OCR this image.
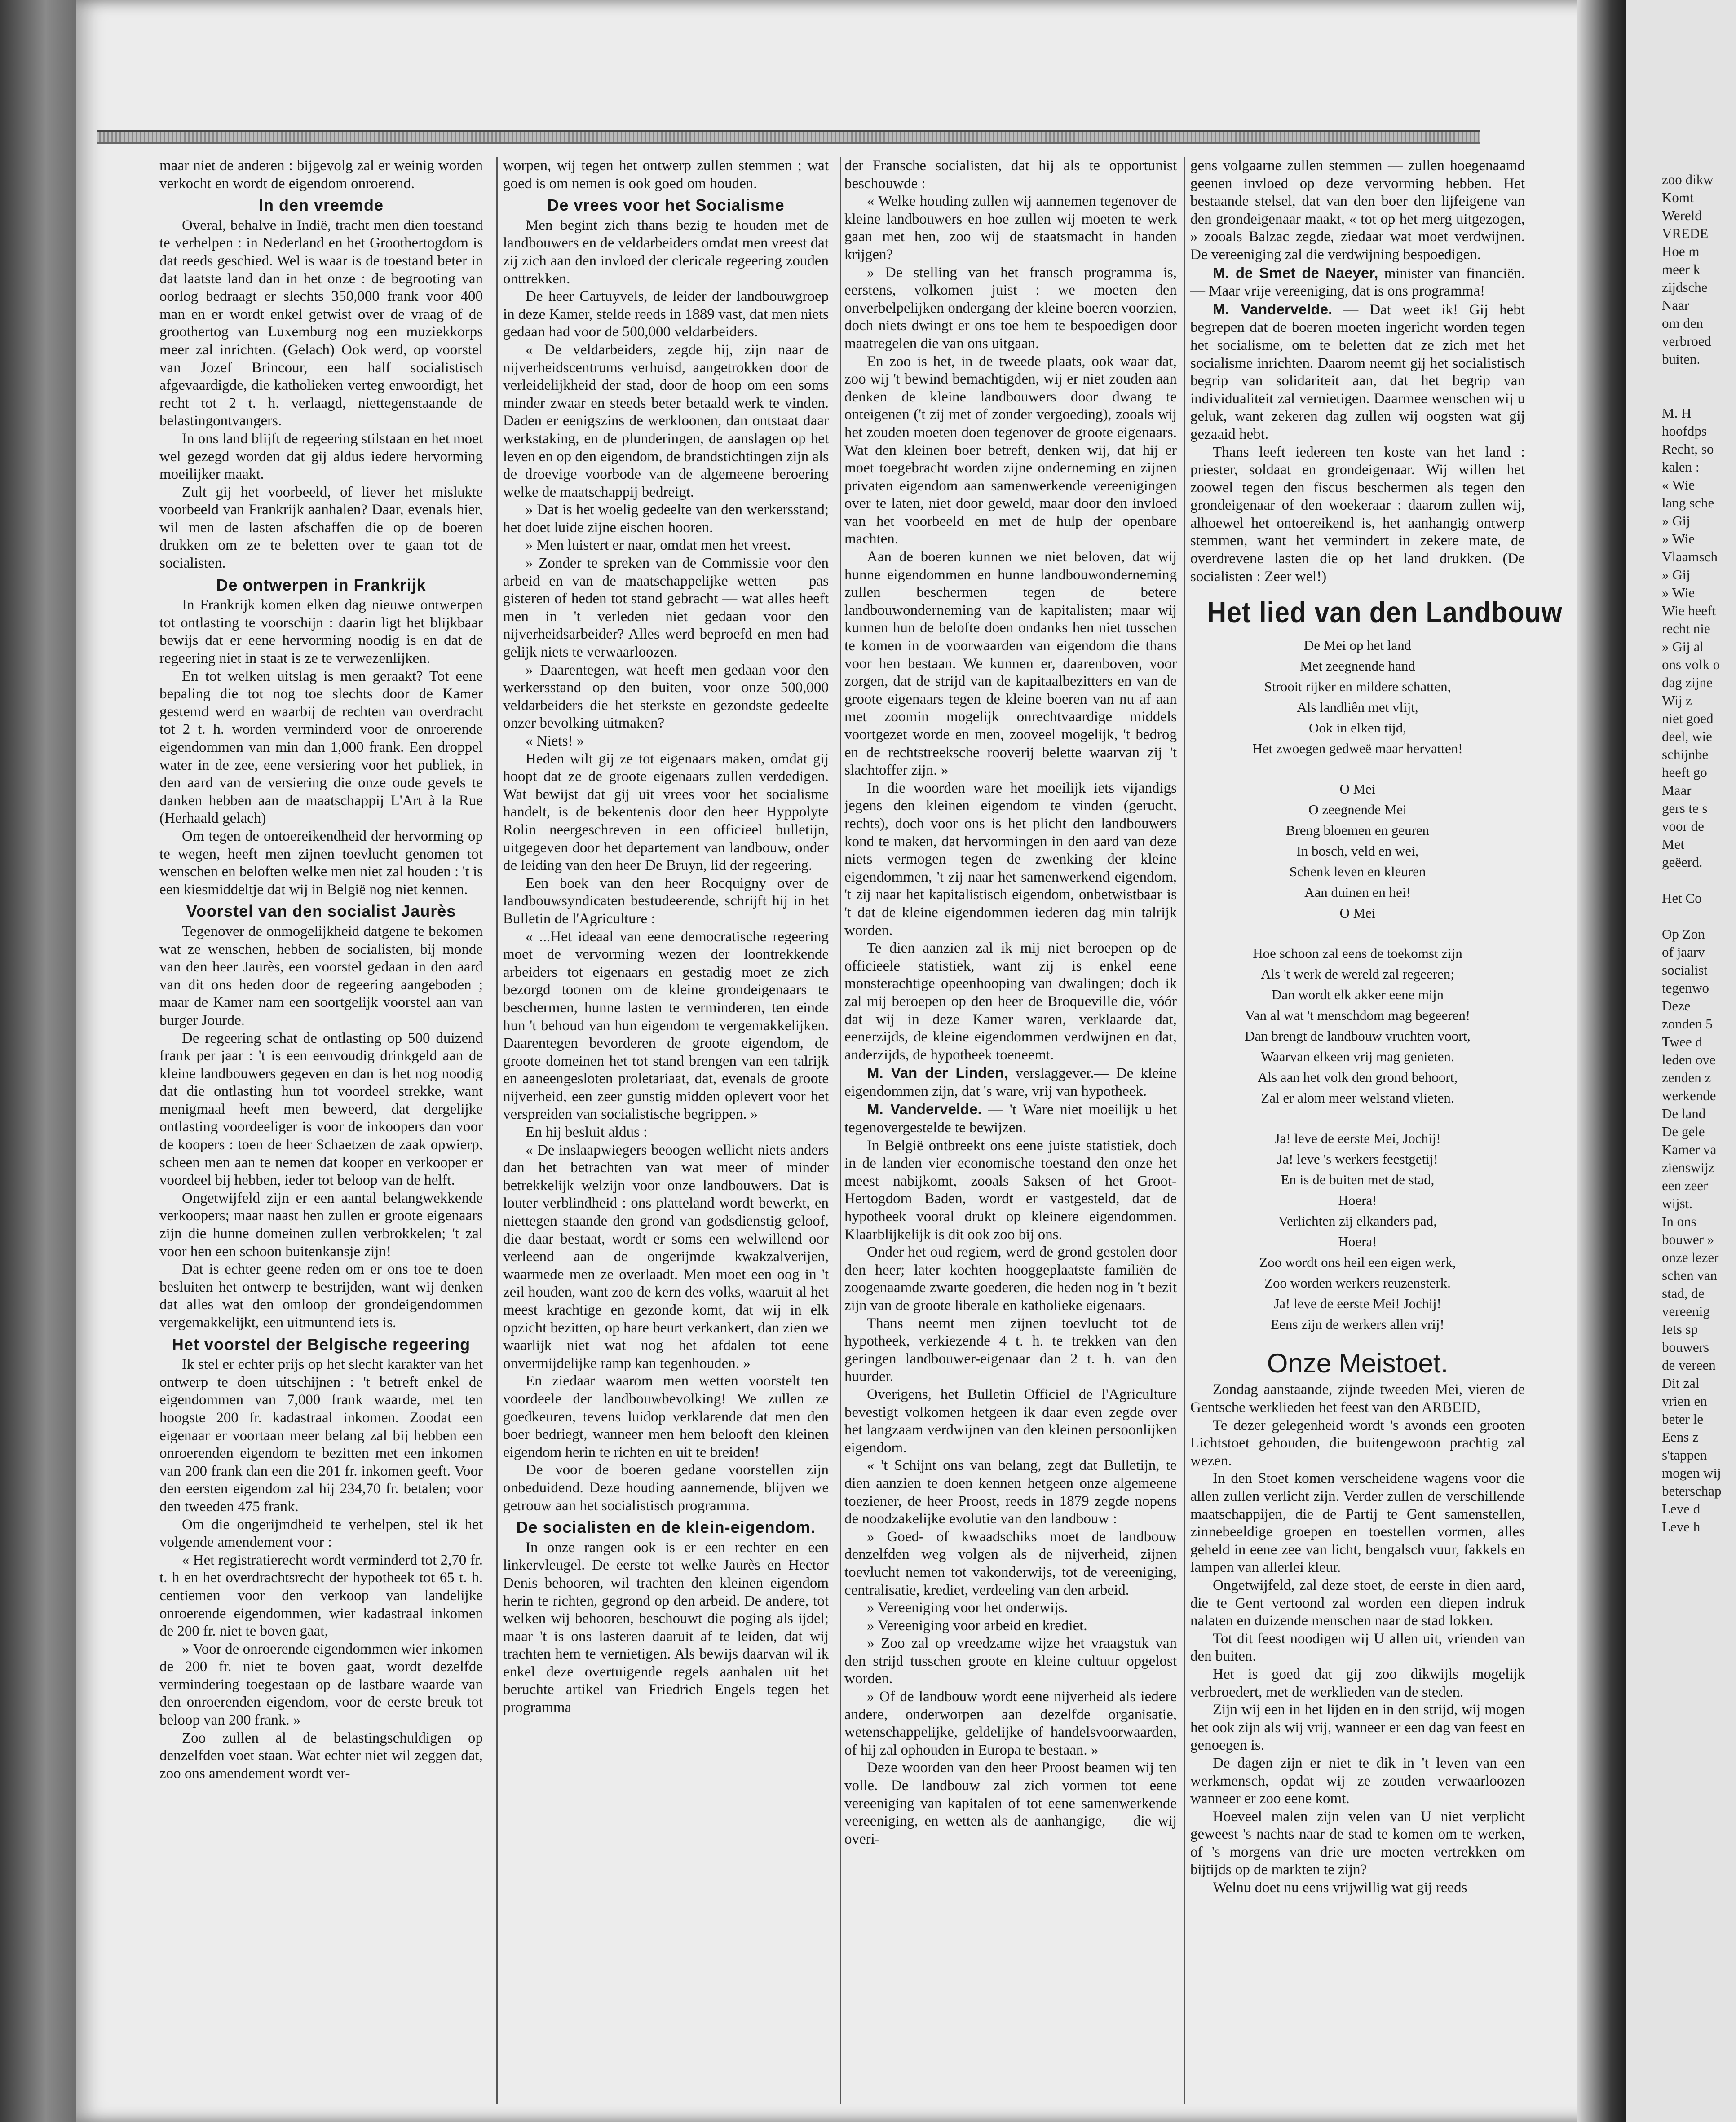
maar niet de anderen : bijgevolg zal er weinig worden verkocht en wordt de eigendom onroerend.

In den vreemde

Overal, behalve in Indië, tracht men dien toestand te verhelpen : in Nederland en het Groothertogdom is dat reeds geschied. Wel is waar is de toestand beter in dat laatste land dan in het onze : de begrooting van oorlog bedraagt er slechts 350,000 frank voor 400 man en er wordt enkel getwist over de vraag of de groothertog van Luxemburg nog een muziekkorps meer zal inrichten. (Gelach) Ook werd, op voorstel van Jozef Brincour, een half socialistisch afgevaardigde, die katholieken verteg enwoordigt, het recht tot 2 t. h. verlaagd, niettegenstaande de belastingontvangers.

In ons land blijft de regeering stilstaan en het moet wel gezegd worden dat gij aldus iedere hervorming moeilijker maakt.

Zult gij het voorbeeld, of liever het mislukte voorbeeld van Frankrijk aanhalen? Daar, evenals hier, wil men de lasten afschaffen die op de boeren drukken om ze te beletten over te gaan tot de socialisten.

De ontwerpen in Frankrijk

In Frankrijk komen elken dag nieuwe ontwerpen tot ontlasting te voorschijn : daarin ligt het blijkbaar bewijs dat er eene hervorming noodig is en dat de regeering niet in staat is ze te verwezenlijken.

En tot welken uitslag is men geraakt? Tot eene bepaling die tot nog toe slechts door de Kamer gestemd werd en waarbij de rechten van overdracht tot 2 t. h. worden verminderd voor de onroerende eigendommen van min dan 1,000 frank. Een droppel water in de zee, eene versiering voor het publiek, in den aard van de versiering die onze oude gevels te danken hebben aan de maatschappij L'Art à la Rue (Herhaald gelach)

Om tegen de ontoereikendheid der hervorming op te wegen, heeft men zijnen toevlucht genomen tot wenschen en beloften welke men niet zal houden : 't is een kiesmiddeltje dat wij in België nog niet kennen.

Voorstel van den socialist Jaurès

Tegenover de onmogelijkheid datgene te bekomen wat ze wenschen, hebben de socialisten, bij monde van den heer Jaurès, een voorstel gedaan in den aard van dit ons heden door de regeering aangeboden ; maar de Kamer nam een soortgelijk voorstel aan van burger Jourde.

De regeering schat de ontlasting op 500 duizend frank per jaar : 't is een eenvoudig drinkgeld aan de kleine landbouwers gegeven en dan is het nog noodig dat die ontlasting hun tot voordeel strekke, want menigmaal heeft men beweerd, dat dergelijke ontlasting voordeeliger is voor de inkoopers dan voor de koopers : toen de heer Schaetzen de zaak opwierp, scheen men aan te nemen dat kooper en verkooper er voordeel bij hebben, ieder tot beloop van de helft.

Ongetwijfeld zijn er een aantal belangwekkende verkoopers; maar naast hen zullen er groote eigenaars zijn die hunne domeinen zullen verbrokkelen; 't zal voor hen een schoon buitenkansje zijn!

Dat is echter geene reden om er ons toe te doen besluiten het ontwerp te bestrijden, want wij denken dat alles wat den omloop der grondeigendommen vergemakkelijkt, een uitmuntend iets is.

Het voorstel der Belgische regeering

Ik stel er echter prijs op het slecht karakter van het ontwerp te doen uitschijnen : 't betreft enkel de eigendommen van 7,000 frank waarde, met ten hoogste 200 fr. kadastraal inkomen. Zoodat een eigenaar er voortaan meer belang zal bij hebben een onroerenden eigendom te bezitten met een inkomen van 200 frank dan een die 201 fr. inkomen geeft. Voor den eersten eigendom zal hij 234,70 fr. betalen; voor den tweeden 475 frank.

Om die ongerijmdheid te verhelpen, stel ik het volgende amendement voor :

« Het registratierecht wordt verminderd tot 2,70 fr. t. h en het overdrachtsrecht der hypotheek tot 65 t. h. centiemen voor den verkoop van landelijke onroerende eigendommen, wier kadastraal inkomen de 200 fr. niet te boven gaat,

» Voor de onroerende eigendommen wier inkomen de 200 fr. niet te boven gaat, wordt dezelfde vermindering toegestaan op de lastbare waarde van den onroerenden eigendom, voor de eerste breuk tot beloop van 200 frank. »

Zoo zullen al de belastingschuldigen op denzelfden voet staan. Wat echter niet wil zeggen dat, zoo ons amendement wordt ver-

worpen, wij tegen het ontwerp zullen stemmen ; wat goed is om nemen is ook goed om houden.

De vrees voor het Socialisme

Men begint zich thans bezig te houden met de landbouwers en de veldarbeiders omdat men vreest dat zij zich aan den invloed der clericale regeering zouden onttrekken.

De heer Cartuyvels, de leider der landbouwgroep in deze Kamer, stelde reeds in 1889 vast, dat men niets gedaan had voor de 500,000 veldarbeiders.

« De veldarbeiders, zegde hij, zijn naar de nijverheidscentrums verhuisd, aangetrokken door de verleidelijkheid der stad, door de hoop om een soms minder zwaar en steeds beter betaald werk te vinden. Daden er eenigszins de werkloonen, dan ontstaat daar werkstaking, en de plunderingen, de aanslagen op het leven en op den eigendom, de brandstichtingen zijn als de droevige voorbode van de algemeene beroering welke de maatschappij bedreigt.

» Dat is het woelig gedeelte van den werkersstand; het doet luide zijne eischen hooren.

» Men luistert er naar, omdat men het vreest.

» Zonder te spreken van de Commissie voor den arbeid en van de maatschappelijke wetten — pas gisteren of heden tot stand gebracht — wat alles heeft men in 't verleden niet gedaan voor den nijverheidsarbeider? Alles werd beproefd en men had gelijk niets te verwaarloozen.

» Daarentegen, wat heeft men gedaan voor den werkersstand op den buiten, voor onze 500,000 veldarbeiders die het sterkste en gezondste gedeelte onzer bevolking uitmaken?

« Niets! »

Heden wilt gij ze tot eigenaars maken, omdat gij hoopt dat ze de groote eigenaars zullen verdedigen. Wat bewijst dat gij uit vrees voor het socialisme handelt, is de bekentenis door den heer Hyppolyte Rolin neergeschreven in een officieel bulletijn, uitgegeven door het departement van landbouw, onder de leiding van den heer De Bruyn, lid der regeering.

Een boek van den heer Rocquigny over de landbouwsyndicaten bestudeerende, schrijft hij in het Bulletin de l'Agriculture :

« ...Het ideaal van eene democratische regeering moet de vervorming wezen der loontrekkende arbeiders tot eigenaars en gestadig moet ze zich bezorgd toonen om de kleine grondeigenaars te beschermen, hunne lasten te verminderen, ten einde hun 't behoud van hun eigendom te vergemakkelijken. Daarentegen bevorderen de groote eigendom, de groote domeinen het tot stand brengen van een talrijk en aaneengesloten proletariaat, dat, evenals de groote nijverheid, een zeer gunstig midden oplevert voor het verspreiden van socialistische begrippen. »

En hij besluit aldus :

« De inslaapwiegers beoogen wellicht niets anders dan het betrachten van wat meer of minder betrekkelijk welzijn voor onze landbouwers. Dat is louter verblindheid : ons platteland wordt bewerkt, en niettegen staande den grond van godsdienstig geloof, die daar bestaat, wordt er soms een welwillend oor verleend aan de ongerijmde kwakzalverijen, waarmede men ze overlaadt. Men moet een oog in 't zeil houden, want zoo de kern des volks, waaruit al het meest krachtige en gezonde komt, dat wij in elk opzicht bezitten, op hare beurt verkankert, dan zien we waarlijk niet wat nog het afdalen tot eene onvermijdelijke ramp kan tegenhouden. »

En ziedaar waarom men wetten voorstelt ten voordeele der landbouwbevolking! We zullen ze goedkeuren, tevens luidop verklarende dat men den boer bedriegt, wanneer men hem belooft den kleinen eigendom herin te richten en uit te breiden!

De voor de boeren gedane voorstellen zijn onbeduidend. Deze houding aannemende, blijven we getrouw aan het socialistisch programma.

De socialisten en de klein-eigendom.

In onze rangen ook is er een rechter en een linkervleugel. De eerste tot welke Jaurès en Hector Denis behooren, wil trachten den kleinen eigendom herin te richten, gegrond op den arbeid. De andere, tot welken wij behooren, beschouwt die poging als ijdel; maar 't is ons lasteren daaruit af te leiden, dat wij trachten hem te vernietigen. Als bewijs daarvan wil ik enkel deze overtuigende regels aanhalen uit het beruchte artikel van Friedrich Engels tegen het programma

der Fransche socialisten, dat hij als te opportunist beschouwde :

« Welke houding zullen wij aannemen tegenover de kleine landbouwers en hoe zullen wij moeten te werk gaan met hen, zoo wij de staatsmacht in handen krijgen?

» De stelling van het fransch programma is, eerstens, volkomen juist : we moeten den onverbelpelijken ondergang der kleine boeren voorzien, doch niets dwingt er ons toe hem te bespoedigen door maatregelen die van ons uitgaan.

En zoo is het, in de tweede plaats, ook waar dat, zoo wij 't bewind bemachtigden, wij er niet zouden aan denken de kleine landbouwers door dwang te onteigenen ('t zij met of zonder vergoeding), zooals wij het zouden moeten doen tegenover de groote eigenaars. Wat den kleinen boer betreft, denken wij, dat hij er moet toegebracht worden zijne onderneming en zijnen privaten eigendom aan samenwerkende vereenigingen over te laten, niet door geweld, maar door den invloed van het voorbeeld en met de hulp der openbare machten.

Aan de boeren kunnen we niet beloven, dat wij hunne eigendommen en hunne landbouwonderneming zullen beschermen tegen de betere landbouwonderneming van de kapitalisten; maar wij kunnen hun de belofte doen ondanks hen niet tusschen te komen in de voorwaarden van eigendom die thans voor hen bestaan. We kunnen er, daarenboven, voor zorgen, dat de strijd van de kapitaalbezitters en van de groote eigenaars tegen de kleine boeren van nu af aan met zoomin mogelijk onrechtvaardige middels voortgezet worde en men, zooveel mogelijk, 't bedrog en de rechtstreeksche rooverij belette waarvan zij 't slachtoffer zijn. »

In die woorden ware het moeilijk iets vijandigs jegens den kleinen eigendom te vinden (gerucht, rechts), doch voor ons is het plicht den landbouwers kond te maken, dat hervormingen in den aard van deze niets vermogen tegen de zwenking der kleine eigendommen, 't zij naar het samenwerkend eigendom, 't zij naar het kapitalistisch eigendom, onbetwistbaar is 't dat de kleine eigendommen iederen dag min talrijk worden.

Te dien aanzien zal ik mij niet beroepen op de officieele statistiek, want zij is enkel eene monsterachtige opeenhooping van dwalingen; doch ik zal mij beroepen op den heer de Broqueville die, vóór dat wij in deze Kamer waren, verklaarde dat, eenerzijds, de kleine eigendommen verdwijnen en dat, anderzijds, de hypotheek toeneemt.

M. Van der Linden, verslaggever.— De kleine eigendommen zijn, dat 's ware, vrij van hypotheek.

M. Vandervelde. — 't Ware niet moeilijk u het tegenovergestelde te bewijzen.

In België ontbreekt ons eene juiste statistiek, doch in de landen vier economische toestand den onze het meest nabijkomt, zooals Saksen of het Groot-Hertogdom Baden, wordt er vastgesteld, dat de hypotheek vooral drukt op kleinere eigendommen. Klaarblijkelijk is dit ook zoo bij ons.

Onder het oud regiem, werd de grond gestolen door den heer; later kochten hooggeplaatste familiën de zoogenaamde zwarte goederen, die heden nog in 't bezit zijn van de groote liberale en katholieke eigenaars.

Thans neemt men zijnen toevlucht tot de hypotheek, verkiezende 4 t. h. te trekken van den geringen landbouwer-eigenaar dan 2 t. h. van den huurder.

Overigens, het Bulletin Officiel de l'Agriculture bevestigt volkomen hetgeen ik daar even zegde over het langzaam verdwijnen van den kleinen persoonlijken eigendom.

« 't Schijnt ons van belang, zegt dat Bulletijn, te dien aanzien te doen kennen hetgeen onze algemeene toeziener, de heer Proost, reeds in 1879 zegde nopens de noodzakelijke evolutie van den landbouw :

» Goed- of kwaadschiks moet de landbouw denzelfden weg volgen als de nijverheid, zijnen toevlucht nemen tot vakonderwijs, tot de vereeniging, centralisatie, krediet, verdeeling van den arbeid.

» Vereeniging voor het onderwijs.

» Vereeniging voor arbeid en krediet.

» Zoo zal op vreedzame wijze het vraagstuk van den strijd tusschen groote en kleine cultuur opgelost worden.

» Of de landbouw wordt eene nijverheid als iedere andere, onderworpen aan dezelfde organisatie, wetenschappelijke, geldelijke of handelsvoorwaarden, of hij zal ophouden in Europa te bestaan. »

Deze woorden van den heer Proost beamen wij ten volle. De landbouw zal zich vormen tot eene vereeniging van kapitalen of tot eene samenwerkende vereeniging, en wetten als de aanhangige, — die wij overi-

gens volgaarne zullen stemmen — zullen hoegenaamd geenen invloed op deze vervorming hebben. Het bestaande stelsel, dat van den boer den lijfeigene van den grondeigenaar maakt, « tot op het merg uitgezogen, » zooals Balzac zegde, ziedaar wat moet verdwijnen. De vereeniging zal die verdwijning bespoedigen.

M. de Smet de Naeyer, minister van financiën. — Maar vrije vereeniging, dat is ons programma!

M. Vandervelde. — Dat weet ik! Gij hebt begrepen dat de boeren moeten ingericht worden tegen het socialisme, om te beletten dat ze zich met het socialisme inrichten. Daarom neemt gij het socialistisch begrip van solidariteit aan, dat het begrip van individualiteit zal vernietigen. Daarmee wenschen wij u geluk, want zekeren dag zullen wij oogsten wat gij gezaaid hebt.

Thans leeft iedereen ten koste van het land : priester, soldaat en grondeigenaar. Wij willen het zoowel tegen den fiscus beschermen als tegen den grondeigenaar of den woekeraar : daarom zullen wij, alhoewel het ontoereikend is, het aanhangig ontwerp stemmen, want het vermindert in zekere mate, de overdrevene lasten die op het land drukken. (De socialisten : Zeer wel!)

Het lied van den Landbouw
De Mei op het land
Met zeegnende hand
Strooit rijker en mildere schatten,
Als landliên met vlijt,
Ook in elken tijd,
Het zwoegen gedweë maar hervatten!
O Mei
O zeegnende Mei
Breng bloemen en geuren
In bosch, veld en wei,
Schenk leven en kleuren
Aan duinen en hei!
O Mei
Hoe schoon zal eens de toekomst zijn
Als 't werk de wereld zal regeeren;
Dan wordt elk akker eene mijn
Van al wat 't menschdom mag begeeren!
Dan brengt de landbouw vruchten voort,
Waarvan elkeen vrij mag genieten.
Als aan het volk den grond behoort,
Zal er alom meer welstand vlieten.
Ja! leve de eerste Mei, Jochij!
Ja! leve 's werkers feestgetij!
En is de buiten met de stad,
Hoera!
Verlichten zij elkanders pad,
Hoera!
Zoo wordt ons heil een eigen werk,
Zoo worden werkers reuzensterk.
Ja! leve de eerste Mei! Jochij!
Eens zijn de werkers allen vrij!
Onze Meistoet.

Zondag aanstaande, zijnde tweeden Mei, vieren de Gentsche werklieden het feest van den ARBEID,

Te dezer gelegenheid wordt 's avonds een grooten Lichtstoet gehouden, die buitengewoon prachtig zal wezen.

In den Stoet komen verscheidene wagens voor die allen zullen verlicht zijn. Verder zullen de verschillende maatschappijen, die de Partij te Gent samenstellen, zinnebeeldige groepen en toestellen vormen, alles geheld in eene zee van licht, bengalsch vuur, fakkels en lampen van allerlei kleur.

Ongetwijfeld, zal deze stoet, de eerste in dien aard, die te Gent vertoond zal worden een diepen indruk nalaten en duizende menschen naar de stad lokken.

Tot dit feest noodigen wij U allen uit, vrienden van den buiten.

Het is goed dat gij zoo dikwijls mogelijk verbroedert, met de werklieden van de steden.

Zijn wij een in het lijden en in den strijd, wij mogen het ook zijn als wij vrij, wanneer er een dag van feest en genoegen is.

De dagen zijn er niet te dik in 't leven van een werkmensch, opdat wij ze zouden verwaarloozen wanneer er zoo eene komt.

Hoeveel malen zijn velen van U niet verplicht geweest 's nachts naar de stad te komen om te werken, of 's morgens van drie ure moeten vertrekken om bijtijds op de markten te zijn?

Welnu doet nu eens vrijwillig wat gij reeds

zoo dikw
Komt
Wereld
VREDE
Hoe m
meer k
zijdsche
Naar
om den
verbroed
buiten.

M. H
hoofdps
Recht, so
kalen :
« Wie
lang sche
» Gij
» Wie
Vlaamsch
» Gij
» Wie
Wie heeft
recht nie
» Gij al
ons volk o
dag zijne
Wij z
niet goed
deel, wie
schijnbe
heeft go
Maar
gers te s
voor de
Met
geëerd.

Het Co

Op Zon
of jaarv
socialist
tegenwo
Deze
zonden 5
Twee d
leden ove
zenden z
werkende
De land
De gele
Kamer va
zienswijz
een zeer
wijst.
In ons
bouwer »
onze lezer
schen van
stad, de
vereenig
Iets sp
bouwers
de vereen
Dit zal
vrien en
beter le
Eens z
s'tappen
mogen wij
beterschap
Leve d
Leve h
